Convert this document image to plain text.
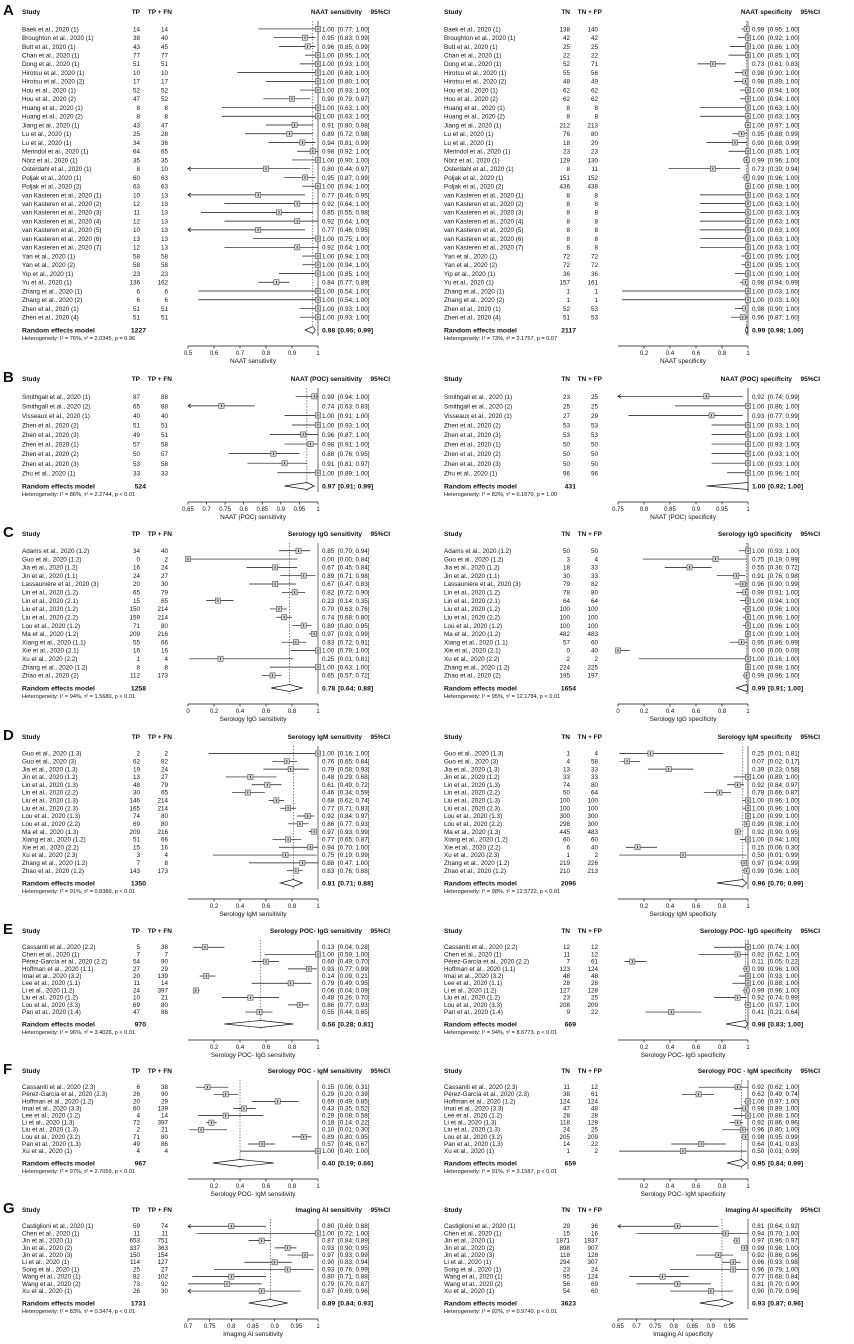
Study	TP TP + FN	NAAT sensitivity 95%CI
Baek et al., 2020 (1)	14	14	1.00 [0.77; 1.00]
Broughton et al., 2020 (1)	38	40	0.95 [0.83; 0.99]
Butt et al., 2020 (1)	43	45	0.96 [0.85; 0.99]
Chan et al., 2020 (1)	77	77	1.00 [0.95; 1.00]
Dong et al., 2020 (1)	51	51	1.00 [0.93; 1.00]
Hirotsu et al., 2020 (1)	10	10	1.00 [0.69; 1.00]
Hirotsu et al., 2020 (2)	17	17	1.00 [0.80; 1.00]
Hou et al., 2020 (1)	52	52	1.00 [0.93; 1.00]
Hou et al., 2020 (2)	47	52	0.90 [0.79; 0.97]
Huang et al., 2020 (1)	8	8	1.00 [0.63; 1.00]
Huang et al., 2020 (2)	8	8	1.00 [0.63; 1.00]
Jiang et al., 2020 (1)	43	47	0.91 [0.80; 0.98]
Lu et al., 2020 (1)	25	28	0.89 [0.72; 0.98]
Lu et al., 2020 (1)	34	36	0.94 [0.81; 0.99]
Merindol et al., 2020 (1)	64	65	0.98 [0.92; 1.00]
Nörz et al., 2020 (1)	35	35	1.00 [0.90; 1.00]
Osterdahl et al., 2020 (1)	8	10	0.80 [0.44; 0.97]
Poljak et al., 2020 (1)	60	63	0.95 [0.87; 0.99]
Poljak et al., 2020 (2)	63	63	1.00 [0.94; 1.00]
van Kasteren et al., 2020 (1)	10	13	0.77 [0.46; 0.95]
van Kasteren et al., 2020 (2)	12	13	0.92 [0.64; 1.00]
van Kasteren et al., 2020 (3)	11	13	0.85 [0.55; 0.98]
van Kasteren et al., 2020 (4)	12	13	0.92 [0.64; 1.00]
van Kasteren et al., 2020 (5)	10	13	0.77 [0.46; 0.95]
van Kasteren et al., 2020 (6)	13	13	1.00 [0.75; 1.00]
van Kasteren et al., 2020 (7)	12	13	0.92 [0.64; 1.00]
Yan et al., 2020 (1)	58	58	1.00 [0.94; 1.00]
Yan et al., 2020 (2)	58	58	1.00 [0.94; 1.00]
Yip et al., 2020 (1)	23	23	1.00 [0.85; 1.00]
Yu et al., 2020 (1)	136	162	0.84 [0.77; 0.89]
Zhang et al., 2020 (1)	6	6	1.00 [0.54; 1.00]
Zhang et al., 2020 (2)	6	6	1.00 [0.54; 1.00]
Zhen et al., 2020 (1)	51	51	1.00 [0.93; 1.00]
Zhen et al., 2020 (4)	51	51	1.00 [0.93; 1.00]
Random effects model	1227	0.98 [0.95; 0.99]
Heterogeneity: I² = 76%, τ² = 2.0345, p = 0.96
0.5	0.6	0.7	0.8	0.9	1
NAAT sensitivity
A	Study	TN TN + FP	NAAT specificity 95%CI
Baek et al., 2020 (1)	138	140	0.99 [0.95; 1.00]
Broughton et al., 2020 (1)	42	42	1.00 [0.92; 1.00]
Butt et al., 2020 (1)	25	25	1.00 [0.86; 1.00]
Chan et al., 2020 (1)	22	22	1.00 [0.85; 1.00]
Dong et al., 2020 (1)	52	71	0.73 [0.61; 0.83]
Hirotsu et al., 2020 (1)	55	56	0.98 [0.90; 1.00]
Hirotsu et al., 2020 (2)	48	49	0.98 [0.89; 1.00]
Hou et al., 2020 (1)	62	62	1.00 [0.94; 1.00]
Hou et al., 2020 (2)	62	62	1.00 [0.94; 1.00]
Huang et al., 2020 (1)	8	8	1.00 [0.63; 1.00]
Huang et al., 2020 (2)	8	8	1.00 [0.63; 1.00]
Jiang et al., 2020 (1)	212	213	1.00 [0.97; 1.00]
Lu et al., 2020 (1)	76	80	0.95 [0.88; 0.99]
Lu et al., 2020 (1)	18	20	0.90 [0.68; 0.99]
Merindol et al., 2020 (1)	23	23	1.00 [0.85; 1.00]
Nörz et al., 2020 (1)	129	130	0.99 [0.96; 1.00]
Osterdahl et al., 2020 (1)	8	11	0.73 [0.39; 0.94]
Poljak et al., 2020 (1)	151	152	0.99 [0.96; 1.00]
Poljak et al., 2020 (2)	436	438	1.00 [0.98; 1.00]
van Kasteren et al., 2020 (1)	8	8	1.00 [0.63; 1.00]
van Kasteren et al., 2020 (2)	8	8	1.00 [0.63; 1.00]
van Kasteren et al., 2020 (3)	8	8	1.00 [0.63; 1.00]
van Kasteren et al., 2020 (4)	8	8	1.00 [0.63; 1.00]
van Kasteren et al., 2020 (5)	8	8	1.00 [0.63; 1.00]
van Kasteren et al., 2020 (6)	8	8	1.00 [0.63; 1.00]
van Kasteren et al., 2020 (7)	8	8	1.00 [0.63; 1.00]
Yan et al., 2020 (1)	72	72	1.00 [0.95; 1.00]
Yan et al., 2020 (2)	72	72	1.00 [0.95; 1.00]
Yip et al., 2020 (1)	36	36	1.00 [0.90; 1.00]
Yu et al., 2020 (1)	157	161	0.98 [0.94; 0.99]
Zhang et al., 2020 (1)	1	1	1.00 [0.03; 1.00]
Zhang et al., 2020 (2)	1	1	1.00 [0.03; 1.00]
Zhen et al., 2020 (1)	52	53	0.98 [0.90; 1.00]
Zhen et al., 2020 (4)	51	53	0.96 [0.87; 1.00]
Random effects model	2117	0.99 [0.98; 1.00]
Heterogeneity: I² = 73%, τ² = 2.1757, p = 0.07
0.2	0.4	0.6	0.8	1
NAAT specificity
Study	TP TP + FN	NAAT (POC) sensitivity 95%CI
Smithgall et al., 2020 (1)	87	88	0.99 [0.94; 1.00]
Smithgall et al., 2020 (2)	65	88	0.74 [0.63; 0.83]
Visseaux et al., 2020 (1)	40	40	1.00 [0.91; 1.00]
Zhen et al., 2020 (2)	51	51	1.00 [0.93; 1.00]
Zhen et al., 2020 (3)	49	51	0.96 [0.87; 1.00]
Zhen et al., 2020 (1)	57	58	0.98 [0.91; 1.00]
Zhen et al., 2020 (2)	50	57	0.88 [0.76; 0.95]
Zhen et al., 2020 (3)	53	58	0.91 [0.81; 0.97]
Zhu et al., 2020 (1)	33	33	1.00 [0.89; 1.00]
Random effects model	524	0.97 [0.91; 0.99]
Heterogeneity: I² = 86%, τ² = 2.2744, p < 0.01
0.65 0.7 0.75 0.8 0.85 0.9 0.95 1
NAAT (POC) sensitivity
B	Study	TN TN + FP	NAAT (POC) specificity 95%CI
Smithgall et al., 2020 (1)	23	25	0.92 [0.74; 0.99]
Smithgall et al., 2020 (2)	25	25	1.00 [0.86; 1.00]
Visseaux et al., 2020 (1)	27	29	0.93 [0.77; 0.99]
Zhen et al., 2020 (2)	53	53	1.00 [0.93; 1.00]
Zhen et al., 2020 (3)	53	53	1.00 [0.93; 1.00]
Zhen et al., 2020 (1)	50	50	1.00 [0.93; 1.00]
Zhen et al., 2020 (2)	50	50	1.00 [0.93; 1.00]
Zhen et al., 2020 (3)	50	50	1.00 [0.93; 1.00]
Zhu et al., 2020 (1)	96	96	1.00 [0.96; 1.00]
Random effects model	431	1.00 [0.92; 1.00]
Heterogeneity: I² = 82%, τ² = 6.1670, p = 1.00
0.75	0.8	0.85	0.9	0.95	1
NAAT (POC) specificity
Study	TP TP + FN	Serology IgG sensitivity 95%CI
Adams et al., 2020 (1.2)	34	40	0.85 [0.70; 0.94]
Guo et al., 2020 (1.2)	0	2	0.00 [0.00; 0.84]
Jia et al., 2020 (1.2)	16	24	0.67 [0.45; 0.84]
Jin et al., 2020 (1.1)	24	27	0.89 [0.71; 0.98]
Lassaunière et al., 2020 (3)	20	30	0.67 [0.47; 0.83]
Lin et al., 2020 (1.2)	65	79	0.82 [0.72; 0.90]
Lin et al., 2020 (2.1)	15	65	0.23 [0.14; 0.35]
Liu et al., 2020 (1.2)	150	214	0.70 [0.63; 0.76]
Liu et al., 2020 (2.2)	159	214	0.74 [0.68; 0.80]
Lou et al., 2020 (1.2)	71	80	0.89 [0.80; 0.95]
Ma et al., 2020 (1.2)	209	216	0.97 [0.93; 0.99]
Xiang et al., 2020 (1.1)	55	66	0.83 [0.72; 0.91]
Xie et al., 2020 (2.1)	16	16	1.00 [0.79; 1.00]
Xu et al., 2020 (2.2)	1	4	0.25 [0.01; 0.81]
Zhang et al., 2020 (1.2)	8	8	1.00 [0.63; 1.00]
Zhao et al., 2020 (2)	112	173	0.65 [0.57; 0.72]
Random effects model	1258	0.78 [0.64; 0.88]
Heterogeneity: I² = 94%, τ² = 1.5680, p < 0.01
0	0.2	0.4	0.6	0.8	1
Serology IgG sensitivity
C	Study	TN TN + FP	Serology IgG specificity 95%CI
Adams et al., 2020 (1.2)	50	50	1.00 [0.93; 1.00]
Guo et al., 2020 (1.2)	3	4	0.75 [0.19; 0.99]
Jia et al., 2020 (1.2)	18	33	0.55 [0.36; 0.72]
Jin et al., 2020 (1.1)	30	33	0.91 [0.76; 0.98]
Lassaunière et al., 2020 (3)	79	82	0.96 [0.90; 0.99]
Lin et al., 2020 (1.2)	78	80	0.98 [0.91; 1.00]
Lin et al., 2020 (2.1)	64	64	1.00 [0.94; 1.00]
Liu et al., 2020 (1.2)	100	100	1.00 [0.96; 1.00]
Liu et al., 2020 (2.2)	100	100	1.00 [0.96; 1.00]
Lou et al., 2020 (1.2)	100	100	1.00 [0.96; 1.00]
Ma et al., 2020 (1.2)	482	483	1.00 [0.99; 1.00]
Xiang et al., 2020 (1.1)	57	60	0.95 [0.86; 0.99]
Xie et al., 2020 (2.1)	0	40	0.00 [0.00; 0.09]
Xu et al., 2020 (2.2)	2	2	1.00 [0.16; 1.00]
Zhang et al., 2020 (1.2)	224	225	1.00 [0.98; 1.00]
Zhao et al., 2020 (2)	195	197	0.99 [0.96; 1.00]
Random effects model	1654	0.99 [0.91; 1.00]
Heterogeneity: I² = 95%, τ² = 12.1784, p < 0.01
0	0.2	0.4	0.6	0.8	1
Serology IgG specificity
Study	TP TP + FN	Serology IgM sensitivity 95%CI
Guo et al., 2020 (1.3)	2	2	1.00 [0.16; 1.00]
Guo et al., 2020 (3)	62	82	0.76 [0.65; 0.84]
Jia et al., 2020 (1.3)	19	24	0.79 [0.58; 0.93]
Jin et al., 2020 (1.2)	13	27	0.48 [0.29; 0.68]
Lin et al., 2020 (1.3)	48	79	0.61 [0.49; 0.72]
Lin et al., 2020 (2.2)	30	65	0.46 [0.34; 0.59]
Liu et al., 2020 (1.3)	146	214	0.68 [0.62; 0.74]
Liu et al., 2020 (2.3)	165	214	0.77 [0.71; 0.83]
Lou et al., 2020 (1.3)	74	80	0.92 [0.84; 0.97]
Lou et al., 2020 (2.2)	69	80	0.86 [0.77; 0.93]
Ma et al., 2020 (1.3)	209	216	0.97 [0.93; 0.99]
Xiang et al., 2020 (1.2)	51	66	0.77 [0.65; 0.87]
Xie et al., 2020 (2.2)	15	16	0.94 [0.70; 1.00]
Xu et al., 2020 (2.3)	3	4	0.75 [0.19; 0.99]
Zhang et al., 2020 (1.2)	7	8	0.88 [0.47; 1.00]
Zhao et al., 2020 (1.2)	143	173	0.83 [0.76; 0.88]
Random effects model	1350	0.81 [0.71; 0.88]
Heterogeneity: I² = 91%, τ² = 0.8389, p < 0.01
0.2	0.4	0.6	0.8	1
Serology IgM sensitivity
D	Study	TN TN + FP	Serology IgM specificity 95%CI
Guo et al., 2020 (1.3)	1	4	0.25 [0.01; 0.81]
Guo et al., 2020 (3)	4	58	0.07 [0.02; 0.17]
Jia et al., 2020 (1.3)	13	33	0.39 [0.23; 0.58]
Jin et al., 2020 (1.2)	33	33	1.00 [0.89; 1.00]
Lin et al., 2020 (1.3)	74	80	0.92 [0.84; 0.97]
Lin et al., 2020 (2.2)	50	64	0.78 [0.66; 0.87]
Liu et al., 2020 (1.3)	100	100	1.00 [0.96; 1.00]
Liu et al., 2020 (2.3)	100	100	1.00 [0.96; 1.00]
Lou et al., 2020 (1.3)	300	300	1.00 [0.99; 1.00]
Lou et al., 2020 (2.2)	298	300	0.99 [0.98; 1.00]
Ma et al., 2020 (1.3)	445	483	0.92 [0.90; 0.95]
Xiang et al., 2020 (1.2)	60	60	1.00 [0.94; 1.00]
Xie et al., 2020 (2.2)	6	40	0.15 [0.06; 0.30]
Xu et al., 2020 (2.3)	1	2	0.50 [0.01; 0.99]
Zhang et al., 2020 (1.2)	219	226	0.97 [0.94; 0.99]
Zhao et al., 2020 (1.2)	210	213	0.99 [0.96; 1.00]
Random effects model	2096	0.96 [0.76; 0.99]
Heterogeneity: I² = 98%, τ² = 12.5722, p < 0.01
0.2	0.4	0.6	0.8	1
Serology IgM specificity
Study	TP TP + FN	Serology POC- IgG sensitivity 95%CI
Cassaniti et al., 2020 (2.2)	5	38	0.13 [0.04; 0.28]
Chen et al., 2020 (1)	7	7	1.00 [0.59; 1.00]
Pérez-García et al., 2020 (2.2)	54	90	0.60 [0.49; 0.70]
Hoffman et al., 2020 (1.1)	27	29	0.93 [0.77; 0.99]
Imai et al., 2020 (3.2)	20	139	0.14 [0.09; 0.21]
Lee et al., 2020 (1.1)	11	14	0.79 [0.49; 0.95]
Li et al., 2020 (1.2)	24	397	0.06 [0.04; 0.09]
Liu et al., 2020 (1.2)	10	21	0.48 [0.26; 0.70]
Lou et al., 2020 (3.3)	69	80	0.86 [0.77; 0.93]
Pan et al., 2020 (1.4)	47	86	0.55 [0.44; 0.65]
Random effects model	970	0.56 [0.28; 0.81]
Heterogeneity: I² = 96%, τ² = 3.4026, p < 0.01
0.2	0.4	0.6	0.8	1
Serology POC- IgG sensitivity
E	Study	TN TN + FP	Serology POC- IgG specificity 95%CI
Cassaniti et al., 2020 (2.2)	12	12	1.00 [0.74; 1.00]
Chen et al., 2020 (1)	11	12	0.92 [0.62; 1.00]
Pérez-García et al., 2020 (2.2)	7	61	0.11 [0.05; 0.22]
Hoffman et al., 2020 (1.1)	123	124	0.99 [0.96; 1.00]
Imai et al., 2020 (3.2)	48	48	1.00 [0.93; 1.00]
Lee et al., 2020 (1.1)	28	28	1.00 [0.88; 1.00]
Li et al., 2020 (1.2)	127	128	0.99 [0.96; 1.00]
Liu et al., 2020 (1.2)	23	25	0.92 [0.74; 0.99]
Lou et al., 2020 (3.3)	208	209	1.00 [0.97; 1.00]
Pan et al., 2020 (1.4)	9	22	0.41 [0.21; 0.64]
Random effects model	669	0.98 [0.83; 1.00]
Heterogeneity: I² = 94%, τ² = 8.6773, p < 0.01
0.2	0.4	0.6	0.8	1
Serology POC- IgG specificity
Study	TP TP + FN	Serology POC - IgM sensitivity 95%CI
Cassaniti et al., 2020 (2.3)	6	38	0.15 [0.06; 0.31]
Pérez-García et al., 2020 (2.3)	26	90	0.29 [0.20; 0.39]
Hoffman et al., 2020 (1.2)	20	29	0.69 [0.49; 0.85]
Imai et al., 2020 (3.3)	60	139	0.43 [0.35; 0.52]
Lee et al., 2020 (1.2)	4	14	0.29 [0.08; 0.58]
Li et al., 2020 (1.3)	72	397	0.18 [0.14; 0.22]
Liu et al., 2020 (1.3)	2	21	0.10 [0.01; 0.30]
Lou et al., 2020 (3.2)	71	80	0.89 [0.80; 0.95]
Pan et al., 2020 (1.3)	49	86	0.57 [0.46; 0.67]
Xu et al., 2020 (1)	4	4	1.00 [0.40; 1.00]
Random effects model	967	0.40 [0.19; 0.66]
Heterogeneity: I² = 97%, τ² = 2.7059, p < 0.01
0.2	0.4	0.6	0.8	1
Serology POC- IgM sensitivity
F	Study	TN TN + FP	Serology POC - IgM specificity 95%CI
Cassaniti et al., 2020 (2.3)	11	12	0.92 [0.62; 1.00]
Pérez-García et al., 2020 (2.3)	38	61	0.62 [0.49; 0.74]
Hoffman et al., 2020 (1.2)	124	124	1.00 [0.97; 1.00]
Imai et al., 2020 (3.3)	47	48	0.98 [0.89; 1.00]
Lee et al., 2020 (1.2)	28	28	1.00 [0.88; 1.00]
Li et al., 2020 (1.3)	118	128	0.92 [0.86; 0.96]
Liu et al., 2020 (1.3)	24	25	0.96 [0.80; 1.00]
Lou et al., 2020 (3.2)	205	209	0.98 [0.95; 0.99]
Pan et al., 2020 (1.3)	14	22	0.64 [0.41; 0.83]
Xu et al., 2020 (1)	1	2	0.50 [0.01; 0.99]
Random effects model	659	0.95 [0.84; 0.99]
Heterogeneity: I² = 91%, τ² = 3.1587, p < 0.01
0.2	0.4	0.6	0.8	1
Serology POC- IgM specificity
Study	TP TP + FN	Imaging AI sensitivity 95%CI
Castiglioni et al., 2020 (1)	59	74	0.80 [0.69; 0.88]
Chen et al., 2020 (1)	11	11	1.00 [0.72; 1.00]
Jin et al., 2020 (1)	653	751	0.87 [0.84; 0.89]
Jin et al., 2020 (2)	337	363	0.93 [0.90; 0.95]
Jin et al., 2020 (3)	150	154	0.97 [0.93; 0.99]
Li et al., 2020 (1)	114	127	0.90 [0.83; 0.94]
Song et al., 2020 (1)	25	27	0.93 [0.76; 0.99]
Wang et al., 2020 (1)	82	102	0.80 [0.71; 0.88]
Wang et al., 2020 (2)	73	92	0.79 [0.70; 0.87]
Xu et al., 2020 (1)	26	30	0.87 [0.69; 0.96]
Random effects model	1731	0.89 [0.84; 0.93]
Heterogeneity: I² = 83%, τ² = 0.3474, p < 0.01
0.7 0.75 0.8 0.85 0.9 0.95 1
Imaging AI sensitivity
G	Study	TN TN + FP	Imaging AI specificity 95%CI
Castiglioni et al., 2020 (1)	29	36	0.81 [0.64; 0.92]
Chen et al., 2020 (1)	15	16	0.94 [0.70; 1.00]
Jin et al., 2020 (1)	1871 1937	0.97 [0.96; 0.97]
Jin et al., 2020 (2)	898	907	0.99 [0.98; 1.00]
Jin et al., 2020 (3)	118	128	0.92 [0.86; 0.96]
Li et al., 2020 (1)	294	307	0.96 [0.93; 0.98]
Song et al., 2020 (1)	23	24	0.96 [0.79; 1.00]
Wang et al., 2020 (1)	95	124	0.77 [0.68; 0.84]
Wang et al., 2020 (2)	56	69	0.81 [0.70; 0.90]
Xu et al., 2020 (1)	54	60	0.90 [0.79; 0.96]
Random effects model	3623	0.93 [0.87; 0.96]
Heterogeneity: I² = 92%, τ² = 0.9740, p < 0.01
0.65 0.7 0.75 0.8 0.85 0.9 0.95
Imaging AI specificity
